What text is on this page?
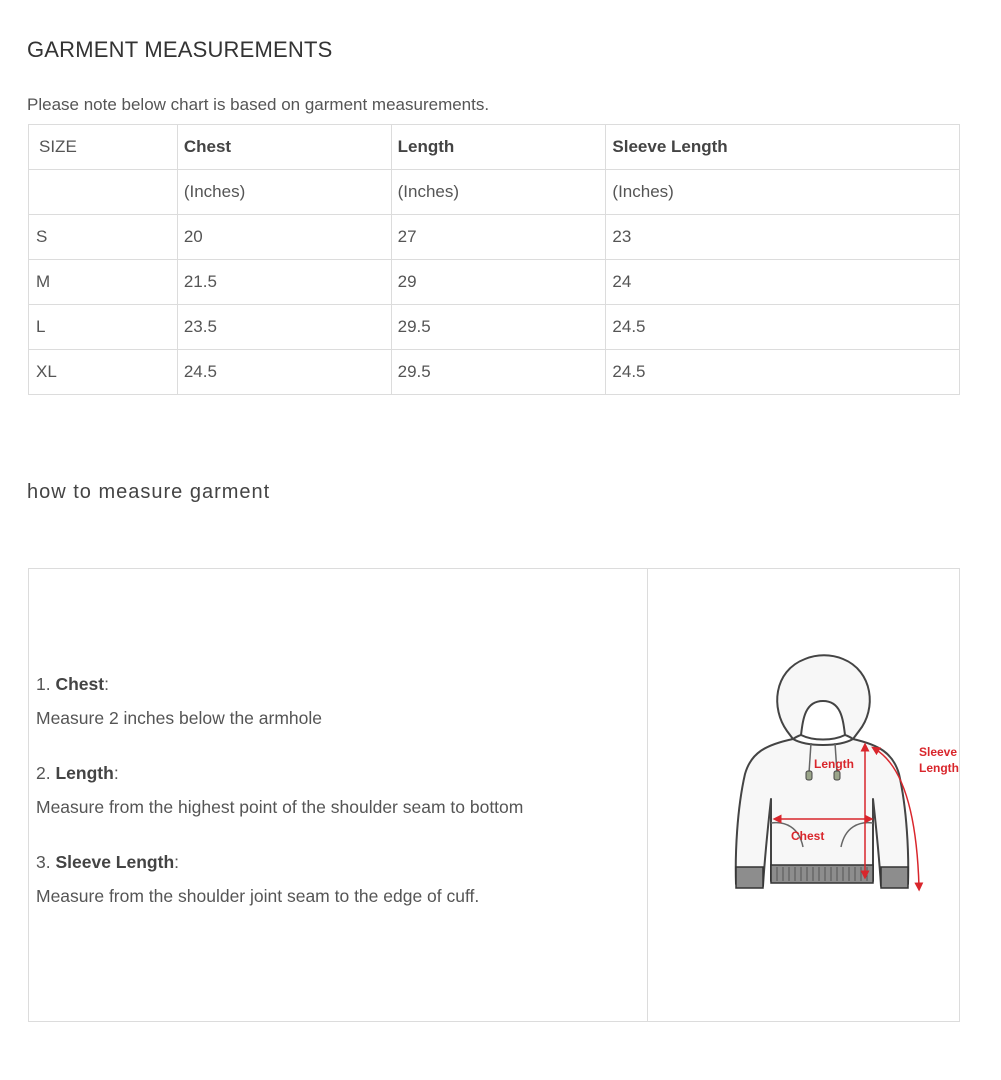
GARMENT MEASUREMENTS
Please note below chart is based on garment measurements.
SIZE	Chest	Length	Sleeve Length
	(Inches)	(Inches)	(Inches)
S	20	27	23
M	21.5	29	24
L	23.5	29.5	24.5
XL	24.5	29.5	24.5
how to measure garment
1. Chest:
Measure 2 inches below the armhole
2. Length:
Measure from the highest point of the shoulder seam to bottom
3. Sleeve Length:
Measure from the shoulder joint seam to the edge of cuff.
Length
Chest
Sleeve
Length
